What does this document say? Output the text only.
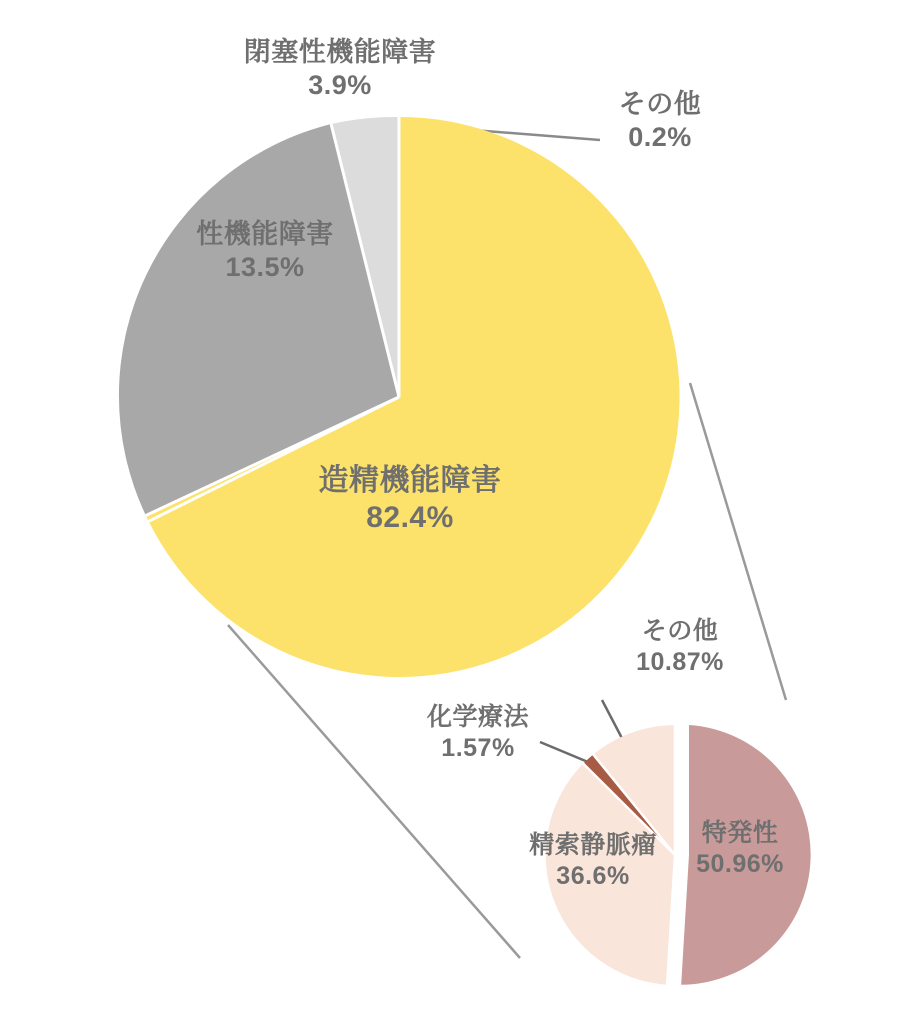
閉塞性機能障害
3.9%
その他
0.2%
性機能障害
13.5%
造精機能障害
82.4%
その他
10.87%
化学療法
1.57%
精索静脈瘤
36.6%
特発性
50.96%
